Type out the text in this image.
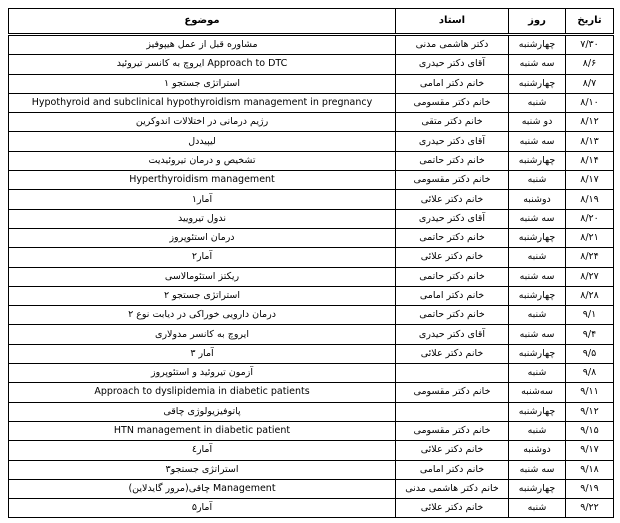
تاریخ	روز	استاد	موضوع
۷/۳۰	چهارشنبه	دکتر هاشمی مدنی	مشاوره قبل از عمل هیپوفیز
۸/۶	سه شنبه	آقای دکتر حیدری	Approach to DTC ایروچ به کانسر تیروئید
۸/۷	چهارشنبه	خانم دکتر امامی	استراتژی جستجو ۱
۸/۱۰	شنبه	خانم دکتر مقسومی	Hypothyroid and subclinical hypothyroidism management in pregnancy
۸/۱۲	دو شنبه	خانم دکتر متقی	رژیم درمانی در اختلالات اندوکرین
۸/۱۳	سه شنبه	آقای دکتر حیدری	لیپیددل
۸/۱۴	چهارشنبه	خانم دکتر حاتمی	تشخیص و درمان تیروئیدیت
۸/۱۷	شنبه	خانم دکتر مقسومی	Hyperthyroidism management
۸/۱۹	دوشنبه	خانم دکتر علائی	آمار۱
۸/۲۰	سه شنبه	آقای دکتر حیدری	ندول تیرویید
۸/۲۱	چهارشنبه	خانم دکتر حاتمی	درمان استئوپروز
۸/۲۴	شنبه	خانم دکتر علائی	آمار۲
۸/۲۷	سه شنبه	خانم دکتر حاتمی	ریکتز استئومالاسی
۸/۲۸	چهارشنبه	خانم دکتر امامی	استراتژی جستجو ۲
۹/۱	شنبه	خانم دکتر حاتمی	درمان دارویی خوراکی در دیابت نوع ۲
۹/۴	سه شنبه	آقای دکتر حیدری	ایروچ به کانسر مدولاری
۹/۵	چهارشنبه	خانم دکتر علائی	آمار ۳
۹/۸	شنبه		آزمون تیروئید و استئوپروز
۹/۱۱	سه‌شنبه	خانم دکتر مقسومی	Approach to dyslipidemia in diabetic patients
۹/۱۲	چهارشنبه		پاتوفیزیولوژی چاقی
۹/۱۵	شنبه	خانم دکتر مقسومی	HTN management in diabetic patient
۹/۱۷	دوشنبه	خانم دکتر علائی	آمار٤
۹/۱۸	سه شنبه	خانم دکتر امامی	استراتژی جستجو۳
۹/۱۹	چهارشنبه	خانم دکتر هاشمی مدنی	Management چاقی(مرور گایدلاین)
۹/۲۲	شنبه	خانم دکتر علائی	آمار۵
